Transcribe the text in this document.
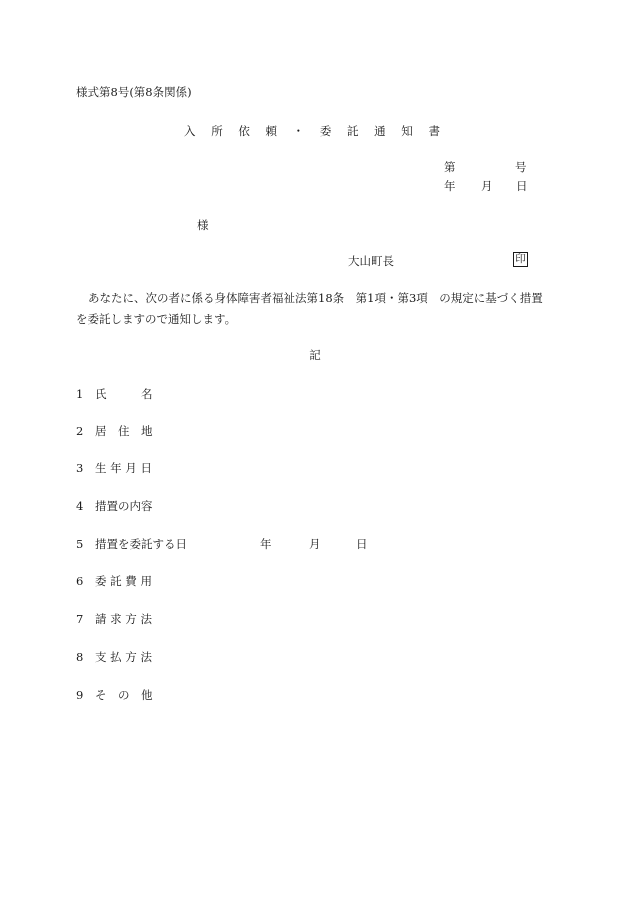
様式第8号(第8条関係)
入 所 依 頼 ・ 委 託 通 知 書
第	号
年 月 日
様
大山町長	印
あなたに、次の者に係る身体障害者福祉法第18条　第1項・第3項　の規定に基づく措置
を委託しますので通知します。
記
1 氏　　　名
2 居　住　地
3 生 年 月 日
4 措置の内容
5 措置を委託する日	年	月	日
6 委 託 費 用
7 請 求 方 法
8 支 払 方 法
9 そ　の　他
